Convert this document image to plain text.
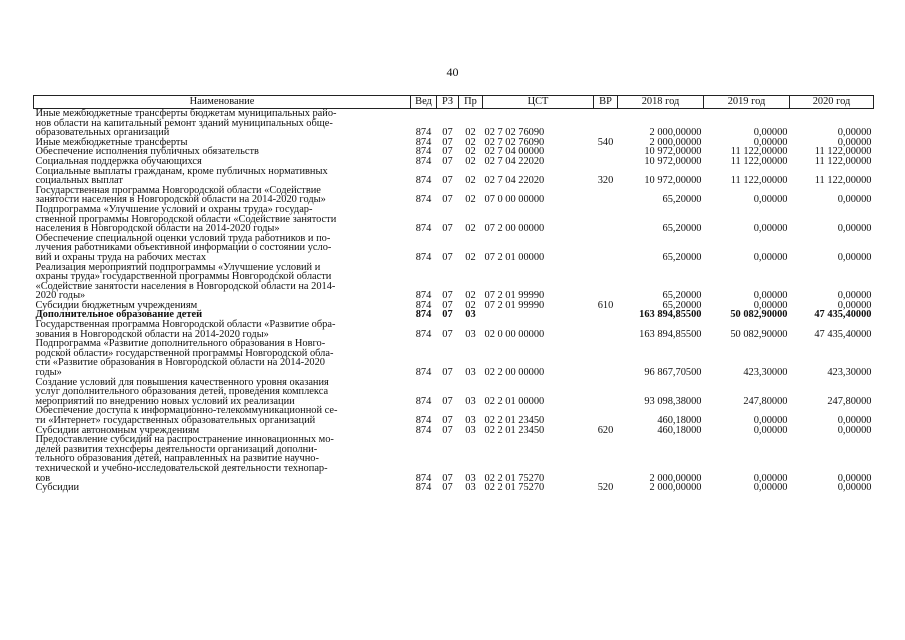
40
Наименование	Вед	РЗ	Пр	ЦСТ	ВР	2018 год	2019 год	2020 год

Иные межбюджетные трансферты бюджетам муниципальных райо-
нов области на капитальный ремонт зданий муниципальных обще-
образовательных организаций	874	07	02	02 7 02 76090		2 000,00000	0,00000	0,00000

Иные межбюджетные трансферты	874	07	02	02 7 02 76090	540	2 000,00000	0,00000	0,00000

Обеспечение исполнения публичных обязательств	874	07	02	02 7 04 00000		10 972,00000	11 122,00000	11 122,00000

Социальная поддержка обучающихся	874	07	02	02 7 04 22020		10 972,00000	11 122,00000	11 122,00000

Социальные выплаты гражданам, кроме публичных нормативных
социальных выплат	874	07	02	02 7 04 22020	320	10 972,00000	11 122,00000	11 122,00000

Государственная программа Новгородской области «Содействие
занятости населения в Новгородской области на 2014-2020 годы»	874	07	02	07 0 00 00000		65,20000	0,00000	0,00000

Подпрограмма «Улучшение условий и охраны труда» государ-
ственной программы Новгородской области «Содействие занятости
населения в Новгородской области на 2014-2020 годы»	874	07	02	07 2 00 00000		65,20000	0,00000	0,00000

Обеспечение специальной оценки условий труда работников и по-
лучения работниками объективной информации о состоянии усло-
вий и охраны труда на рабочих местах	874	07	02	07 2 01 00000		65,20000	0,00000	0,00000

Реализация мероприятий подпрограммы «Улучшение условий и
охраны труда» государственной программы Новгородской области
«Содействие занятости населения в Новгородской области на 2014-
2020 годы»	874	07	02	07 2 01 99990		65,20000	0,00000	0,00000

Субсидии бюджетным учреждениям	874	07	02	07 2 01 99990	610	65,20000	0,00000	0,00000

Дополнительное образование детей	874	07	03			163 894,85500	50 082,90000	47 435,40000

Государственная программа Новгородской области «Развитие обра-
зования в Новгородской области на 2014-2020 годы»	874	07	03	02 0 00 00000		163 894,85500	50 082,90000	47 435,40000

Подпрограмма «Развитие дополнительного образования в Новго-
родской области» государственной программы Новгородской обла-
сти «Развитие образования в Новгородской области на 2014-2020
годы»	874	07	03	02 2 00 00000		96 867,70500	423,30000	423,30000

Создание условий для повышения качественного уровня оказания
услуг дополнительного образования детей, проведения комплекса
мероприятий по внедрению новых условий их реализации	874	07	03	02 2 01 00000		93 098,38000	247,80000	247,80000

Обеспечение доступа к информационно-телекоммуникационной се-
ти «Интернет» государственных образовательных организаций	874	07	03	02 2 01 23450		460,18000	0,00000	0,00000

Субсидии автономным учреждениям	874	07	03	02 2 01 23450	620	460,18000	0,00000	0,00000

Предоставление субсидий на распространение инновационных мо-
делей развития технсферы деятельности организаций дополни-
тельного образования детей, направленных на развитие научно-
технической и учебно-исследовательской деятельности технопар-
ков	874	07	03	02 2 01 75270		2 000,00000	0,00000	0,00000

Субсидии	874	07	03	02 2 01 75270	520	2 000,00000	0,00000	0,00000
